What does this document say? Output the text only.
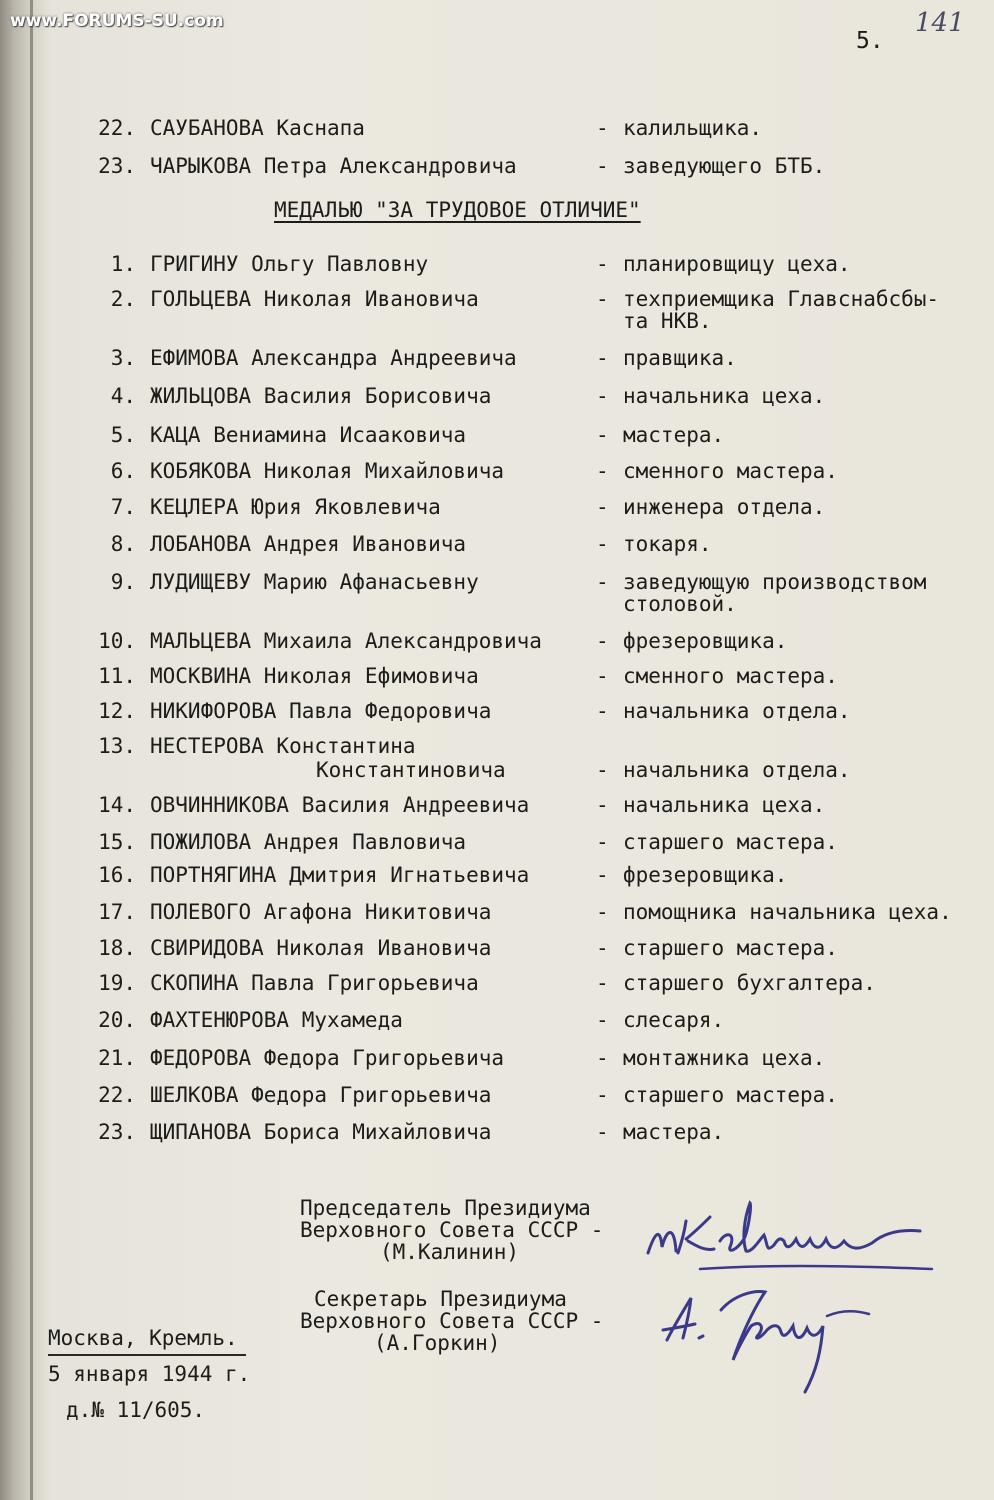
www.FORUMS-SU.com
5.
141
22. САУБАНОВА Каснапа	- калильщика.
23. ЧАРЫКОВА Петра Александровича	- заведующего БТБ.
МЕДАЛЬЮ "ЗА ТРУДОВОЕ ОТЛИЧИЕ"
1. ГРИГИНУ Ольгу Павловну	- планировщицу цеха.
2. ГОЛЬЦЕВА Николая Ивановича	- техприемщика Главснабсбы-
та НКВ.
3. ЕФИМОВА Александра Андреевича	- правщика.
4. ЖИЛЬЦОВА Василия Борисовича	- начальника цеха.
5. КАЦА Вениамина Исааковича	- мастера.
6. КОБЯКОВА Николая Михайловича	- сменного мастера.
7. КЕЦЛЕРА Юрия Яковлевича	- инженера отдела.
8. ЛОБАНОВА Андрея Ивановича	- токаря.
9. ЛУДИЩЕВУ Марию Афанасьевну	- заведующую производством
столовой.
10. МАЛЬЦЕВА Михаила Александровича	- фрезеровщика.
11. МОСКВИНА Николая Ефимовича	- сменного мастера.
12. НИКИФОРОВА Павла Федоровича	- начальника отдела.
13. НЕСТЕРОВА Константина
Константиновича	- начальника отдела.
14. ОВЧИННИКОВА Василия Андреевича	- начальника цеха.
15. ПОЖИЛОВА Андрея Павловича	- старшего мастера.
16. ПОРТНЯГИНА Дмитрия Игнатьевича	- фрезеровщика.
17. ПОЛЕВОГО Агафона Никитовича	- помощника начальника цеха.
18. СВИРИДОВА Николая Ивановича	- старшего мастера.
19. СКОПИНА Павла Григорьевича	- старшего бухгалтера.
20. ФАХТЕНЮРОВА Мухамеда	- слесаря.
21. ФЕДОРОВА Федора Григорьевича	- монтажника цеха.
22. ШЕЛКОВА Федора Григорьевича	- старшего мастера.
23. ЩИПАНОВА Бориса Михайловича	- мастера.
Председатель Президиума
Верховного Совета СССР -
(М.Калинин)
Секретарь Президиума
Верховного Совета СССР -
(А.Горкин)
Москва, Кремль.
5 января 1944 г.
д.№ 11/605.
